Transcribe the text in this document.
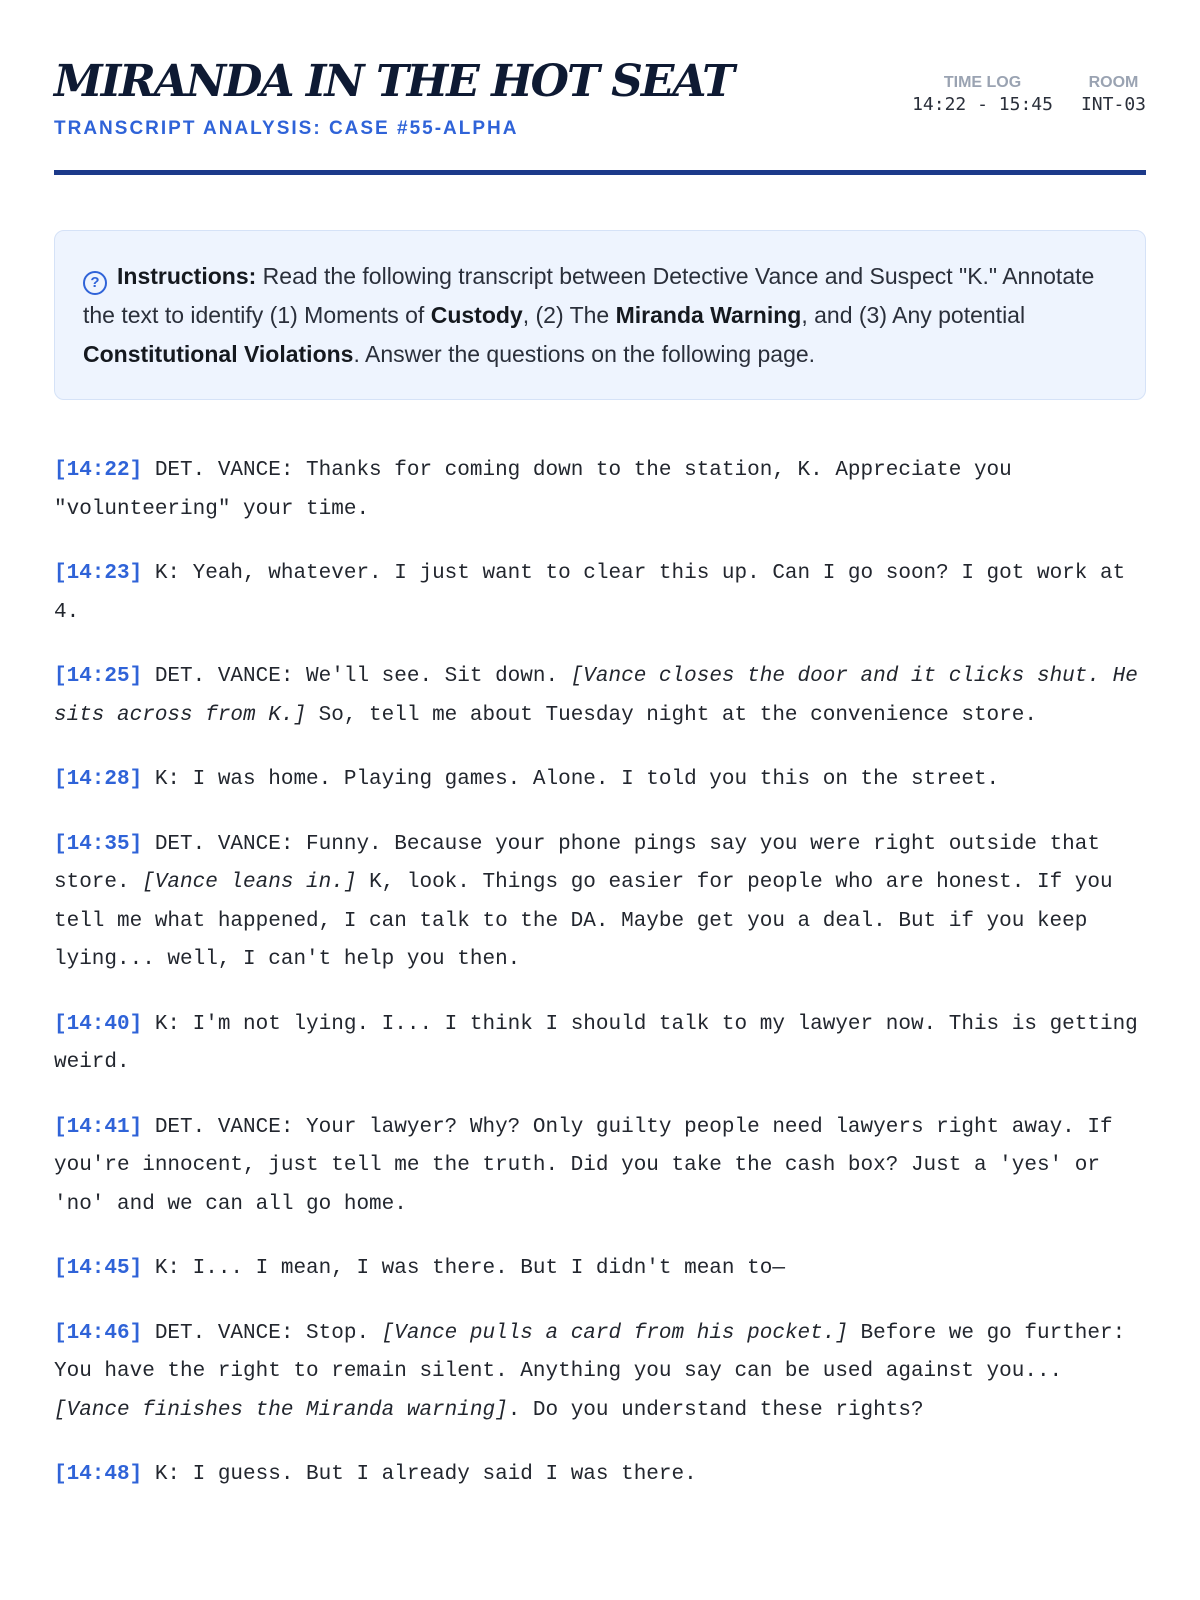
MIRANDA IN THE HOT SEAT
TRANSCRIPT ANALYSIS: CASE #55-ALPHA
TIME LOG
14:22 - 15:45
ROOM
INT-03
? Instructions: Read the following transcript between Detective Vance and Suspect "K." Annotate the text to identify (1) Moments of Custody, (2) The Miranda Warning, and (3) Any potential Constitutional Violations. Answer the questions on the following page.

[14:22] DET. VANCE: Thanks for coming down to the station, K. Appreciate you "volunteering" your time.

[14:23] K: Yeah, whatever. I just want to clear this up. Can I go soon? I got work at 4.

[14:25] DET. VANCE: We'll see. Sit down. [Vance closes the door and it clicks shut. He sits across from K.] So, tell me about Tuesday night at the convenience store.

[14:28] K: I was home. Playing games. Alone. I told you this on the street.

[14:35] DET. VANCE: Funny. Because your phone pings say you were right outside that store. [Vance leans in.] K, look. Things go easier for people who are honest. If you tell me what happened, I can talk to the DA. Maybe get you a deal. But if you keep lying... well, I can't help you then.

[14:40] K: I'm not lying. I... I think I should talk to my lawyer now. This is getting weird.

[14:41] DET. VANCE: Your lawyer? Why? Only guilty people need lawyers right away. If you're innocent, just tell me the truth. Did you take the cash box? Just a 'yes' or 'no' and we can all go home.

[14:45] K: I... I mean, I was there. But I didn't mean to—

[14:46] DET. VANCE: Stop. [Vance pulls a card from his pocket.] Before we go further: You have the right to remain silent. Anything you say can be used against you... [Vance finishes the Miranda warning]. Do you understand these rights?

[14:48] K: I guess. But I already said I was there.
